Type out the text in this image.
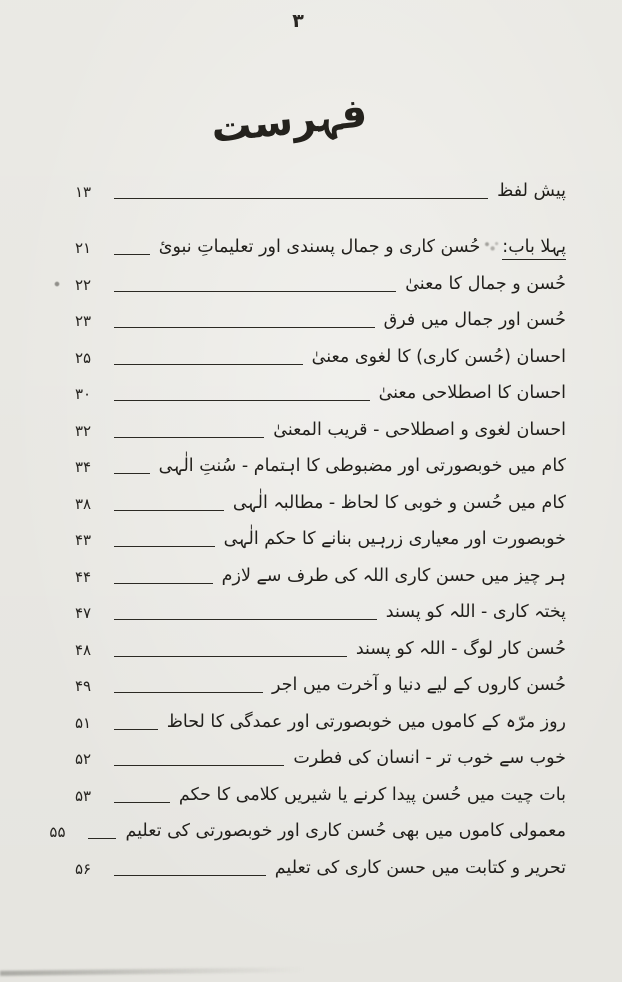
۳
فہرست
پیش لفظ
۱۳
پہلا باب:حُسن کاری و جمال پسندی اور تعلیماتِ نبویٔ
۲۱
حُسن و جمال کا معنیٰ
۲۲
حُسن اور جمال میں فرق
۲۳
احسان (حُسن کاری) کا لغوی معنیٰ
۲۵
احسان کا اصطلاحی معنیٰ
۳۰
احسان لغوی و اصطلاحی - قریب المعنیٰ
۳۲
کام میں خوبصورتی اور مضبوطی کا اہتمام - سُنتِ الٰہی
۳۴
کام میں حُسن و خوبی کا لحاظ - مطالبہ الٰہی
۳۸
خوبصورت اور معیاری زرہیں بنانے کا حکم الٰہی
۴۳
ہر چیز میں حسن کاری اللہ کی طرف سے لازم
۴۴
پختہ کاری - اللہ کو پسند
۴۷
حُسن کار لوگ - اللہ کو پسند
۴۸
حُسن کاروں کے لیے دنیا و آخرت میں اجر
۴۹
روز مرّہ کے کاموں میں خوبصورتی اور عمدگی کا لحاظ
۵۱
خوب سے خوب تر - انسان کی فطرت
۵۲
بات چیت میں حُسن پیدا کرنے یا شیریں کلامی کا حکم
۵۳
معمولی کاموں میں بھی حُسن کاری اور خوبصورتی کی تعلیم
۵۵
تحریر و کتابت میں حسن کاری کی تعلیم
۵۶
